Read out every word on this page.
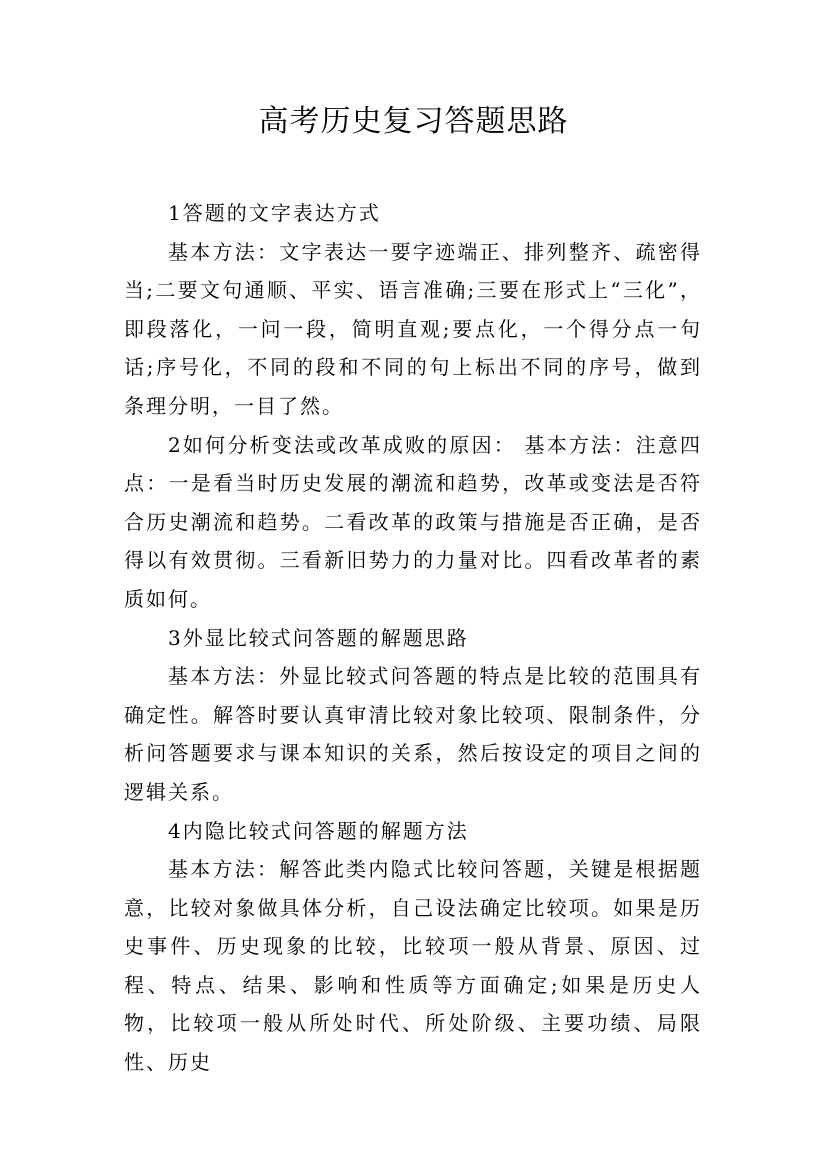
高考历史复习答题思路

1答题的文字表达方式

基本方法：文字表达一要字迹端正、排列整齐、疏密得当;二要文句通顺、平实、语言准确;三要在形式上“三化”，即段落化，一问一段，简明直观;要点化，一个得分点一句话;序号化，不同的段和不同的句上标出不同的序号，做到条理分明，一目了然。

2如何分析变法或改革成败的原因： 基本方法：注意四点：一是看当时历史发展的潮流和趋势，改革或变法是否符合历史潮流和趋势。二看改革的政策与措施是否正确，是否得以有效贯彻。三看新旧势力的力量对比。四看改革者的素质如何。

3外显比较式问答题的解题思路

基本方法：外显比较式问答题的特点是比较的范围具有确定性。解答时要认真审清比较对象比较项、限制条件，分析问答题要求与课本知识的关系，然后按设定的项目之间的逻辑关系。

4内隐比较式问答题的解题方法

基本方法：解答此类内隐式比较问答题，关键是根据题意，比较对象做具体分析，自己设法确定比较项。如果是历史事件、历史现象的比较，比较项一般从背景、原因、过程、特点、结果、影响和性质等方面确定;如果是历史人物，比较项一般从所处时代、所处阶级、主要功绩、局限性、历史
